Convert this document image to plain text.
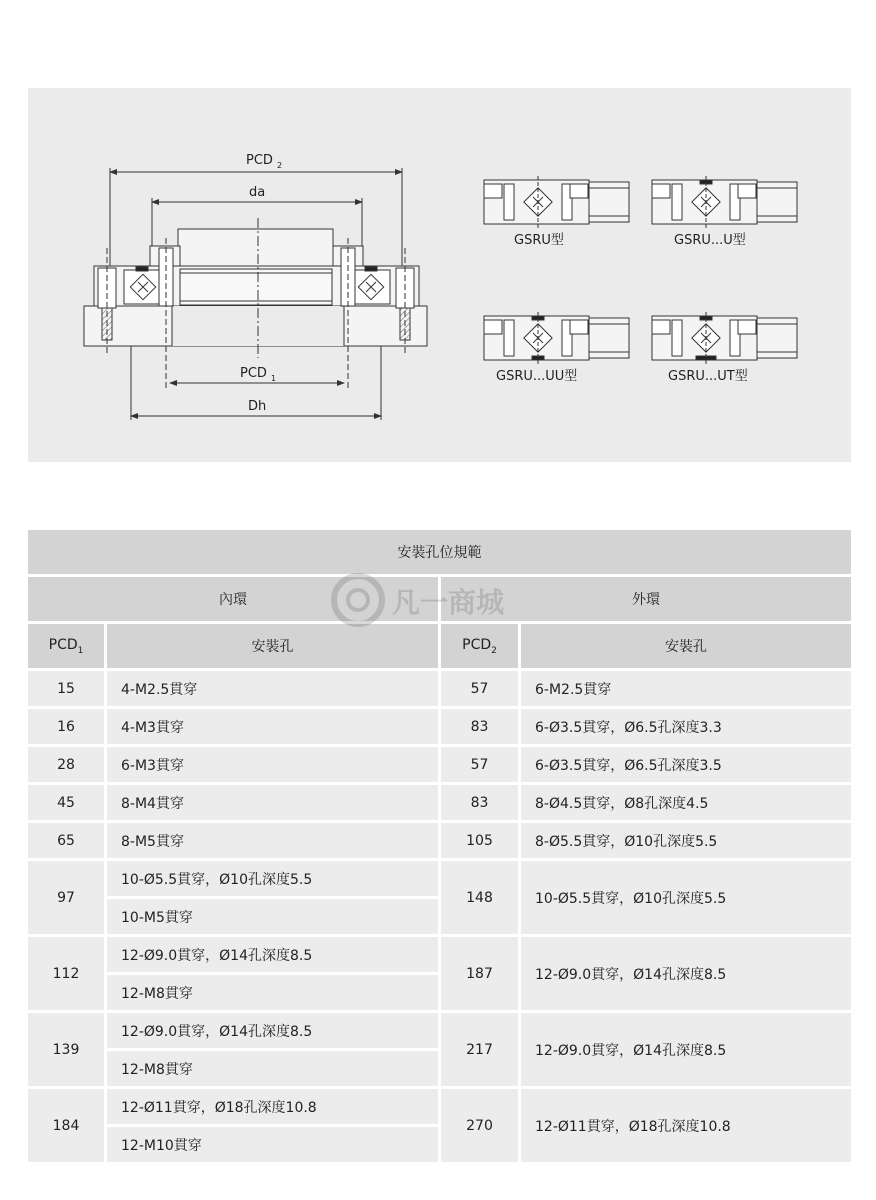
PCD 2
da
PCD 1
Dh
GSRU型	GSRU...U型
GSRU...UU型	GSRU...UT型
安裝孔位規範			
內環		外環	
$PCD_1$	安裝孔	$PCD_2$	安裝孔
15	4-M2.5貫穿	57	6-M2.5貫穿
16	4-M3貫穿	83	6-Ø3.5貫穿，Ø6.5孔深度3.3
28	6-M3貫穿	57	6-Ø3.5貫穿，Ø6.5孔深度3.5
45	8-M4貫穿	83	8-Ø4.5貫穿，Ø8孔深度4.5
65	8-M5貫穿	105	8-Ø5.5貫穿，Ø10孔深度5.5
97	10-Ø5.5貫穿，Ø10孔深度5.5	148	10-Ø5.5貫穿，Ø10孔深度5.5
	10-M5貫穿		
112	12-Ø9.0貫穿，Ø14孔深度8.5	187	12-Ø9.0貫穿，Ø14孔深度8.5
	12-M8貫穿		
139	12-Ø9.0貫穿，Ø14孔深度8.5	217	12-Ø9.0貫穿，Ø14孔深度8.5
	12-M8貫穿		
184	12-Ø11貫穿，Ø18孔深度10.8	270	12-Ø11貫穿，Ø18孔深度10.8
	12-M10貫穿		
凡一商城
